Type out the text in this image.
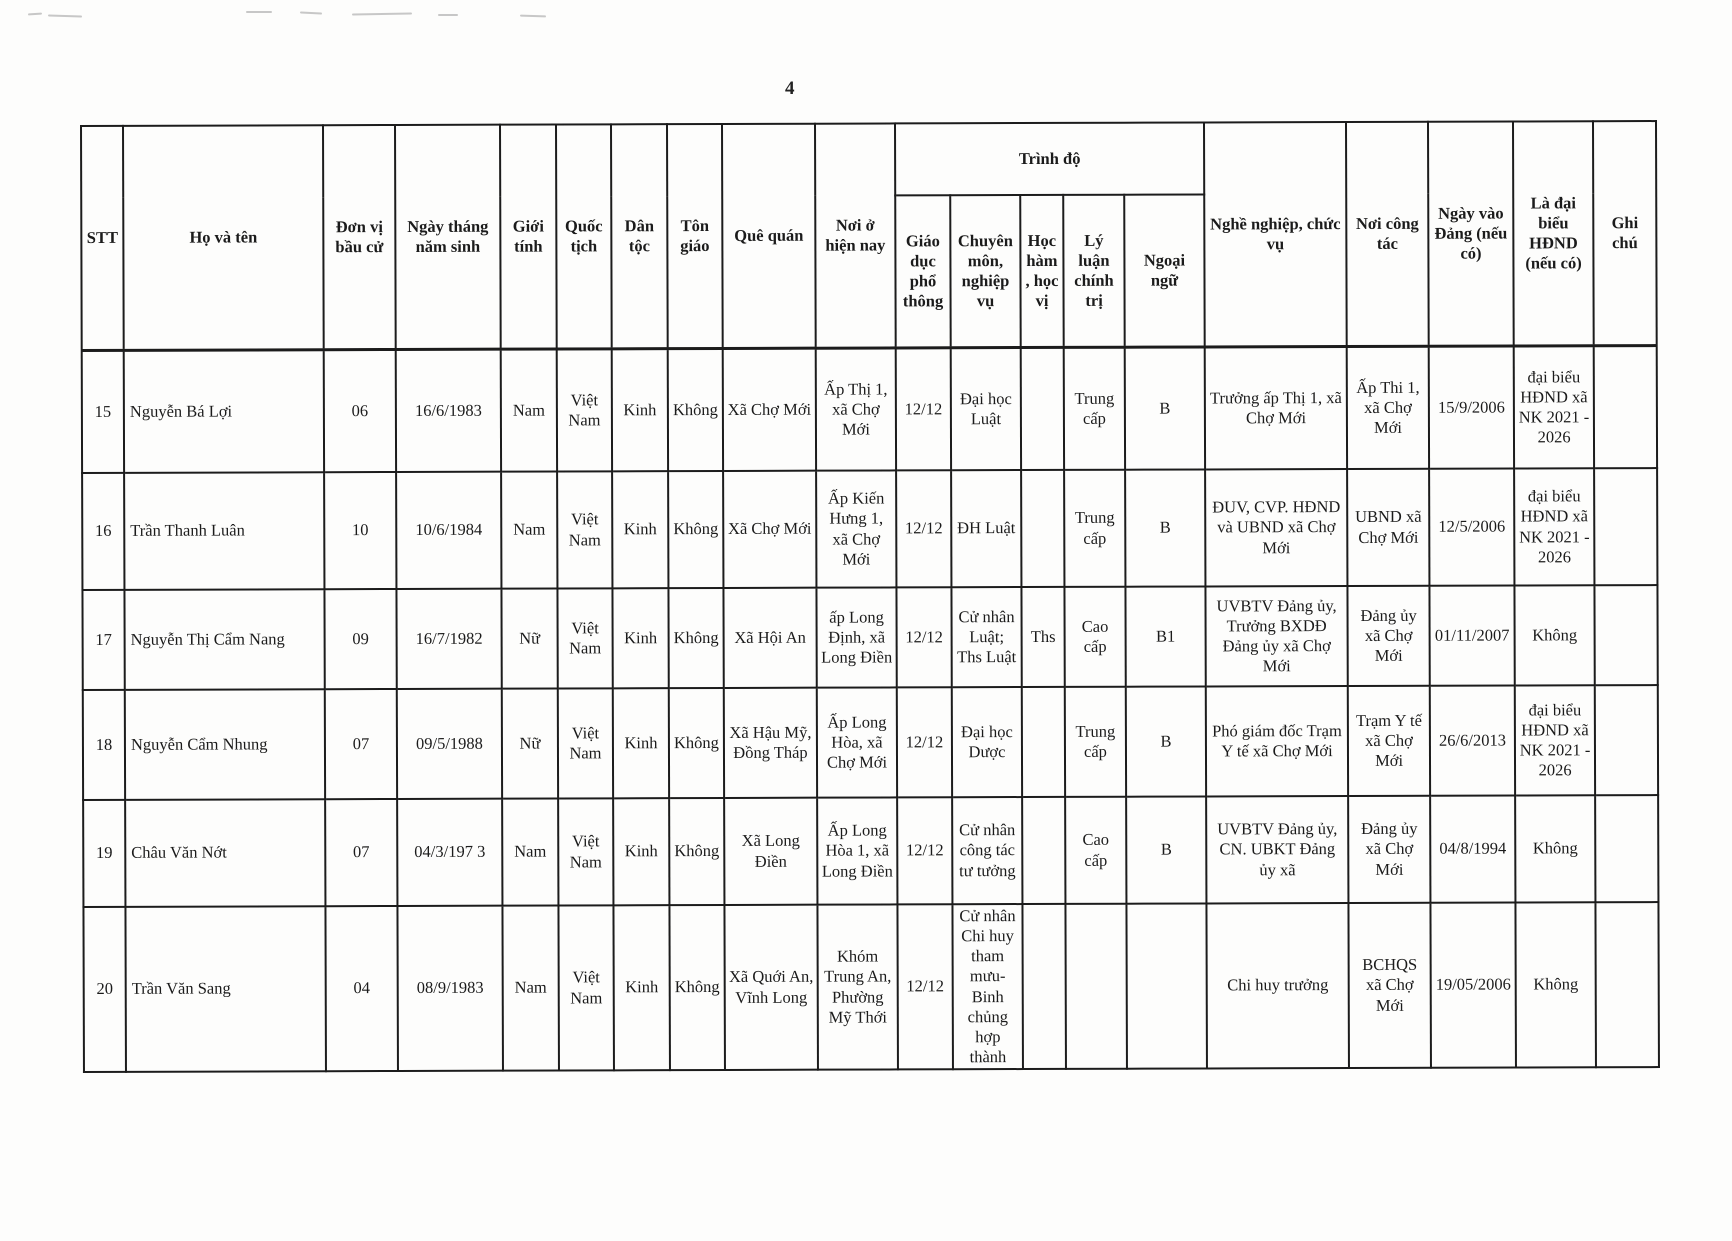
4
STT	Họ và tên	Đơn vị bầu cử	Ngày tháng năm sinh	Giới tính	Quốc tịch	Dân tộc	Tôn giáo	Quê quán	Nơi ở hiện nay	Trình độ					Nghề nghiệp, chức vụ	Nơi công tác	Ngày vào Đảng (nếu có)	Là đại biểu HĐND (nếu có)	Ghi chú
										Giáo dục phổ thông	Chuyên môn, nghiệp vụ	Học hàm, học vị	Lý luận chính trị	Ngoại ngữ					
15	Nguyễn Bá Lợi	06	16/6/1983	Nam	Việt Nam	Kinh	Không	Xã Chợ Mới	Ấp Thị 1, xã Chợ Mới	12/12	Đại học Luật		Trung cấp	B	Trưởng ấp Thị 1, xã Chợ Mới	Ấp Thi 1, xã Chợ Mới	15/9/2006	đại biểu HĐND xã NK 2021 - 2026	
16	Trần Thanh Luân	10	10/6/1984	Nam	Việt Nam	Kinh	Không	Xã Chợ Mới	Ấp Kiến Hưng 1, xã Chợ Mới	12/12	ĐH Luật		Trung cấp	B	ĐUV, CVP. HĐND và UBND xã Chợ Mới	UBND xã Chợ Mới	12/5/2006	đại biểu HĐND xã NK 2021 - 2026	
17	Nguyễn Thị Cẩm Nang	09	16/7/1982	Nữ	Việt Nam	Kinh	Không	Xã Hội An	ấp Long Định, xã Long Điền	12/12	Cử nhân Luật; Ths Luật	Ths	Cao cấp	B1	UVBTV Đảng ủy, Trưởng BXDĐ Đảng ủy xã Chợ Mới	Đảng ủy xã Chợ Mới	01/11/2007	Không	
18	Nguyễn Cẩm Nhung	07	09/5/1988	Nữ	Việt Nam	Kinh	Không	Xã Hậu Mỹ, Đồng Tháp	Ấp Long Hòa, xã Chợ Mới	12/12	Đại học Dược		Trung cấp	B	Phó giám đốc Trạm Y tế xã Chợ Mới	Trạm Y tế xã Chợ Mới	26/6/2013	đại biểu HĐND xã NK 2021 - 2026	
19	Châu Văn Nớt	07	04/3/197 3	Nam	Việt Nam	Kinh	Không	Xã Long Điền	Ấp Long Hòa 1, xã Long Điền	12/12	Cử nhân công tác tư tưởng		Cao cấp	B	UVBTV Đảng ủy, CN. UBKT Đảng ủy xã	Đảng ủy xã Chợ Mới	04/8/1994	Không	
20	Trần Văn Sang	04	08/9/1983	Nam	Việt Nam	Kinh	Không	Xã Quới An, Vĩnh Long	Khóm Trung An, Phường Mỹ Thới	12/12	Cử nhân Chi huy tham mưu- Binh chủng hợp thành				Chi huy trưởng	BCHQS xã Chợ Mới	19/05/2006	Không	
